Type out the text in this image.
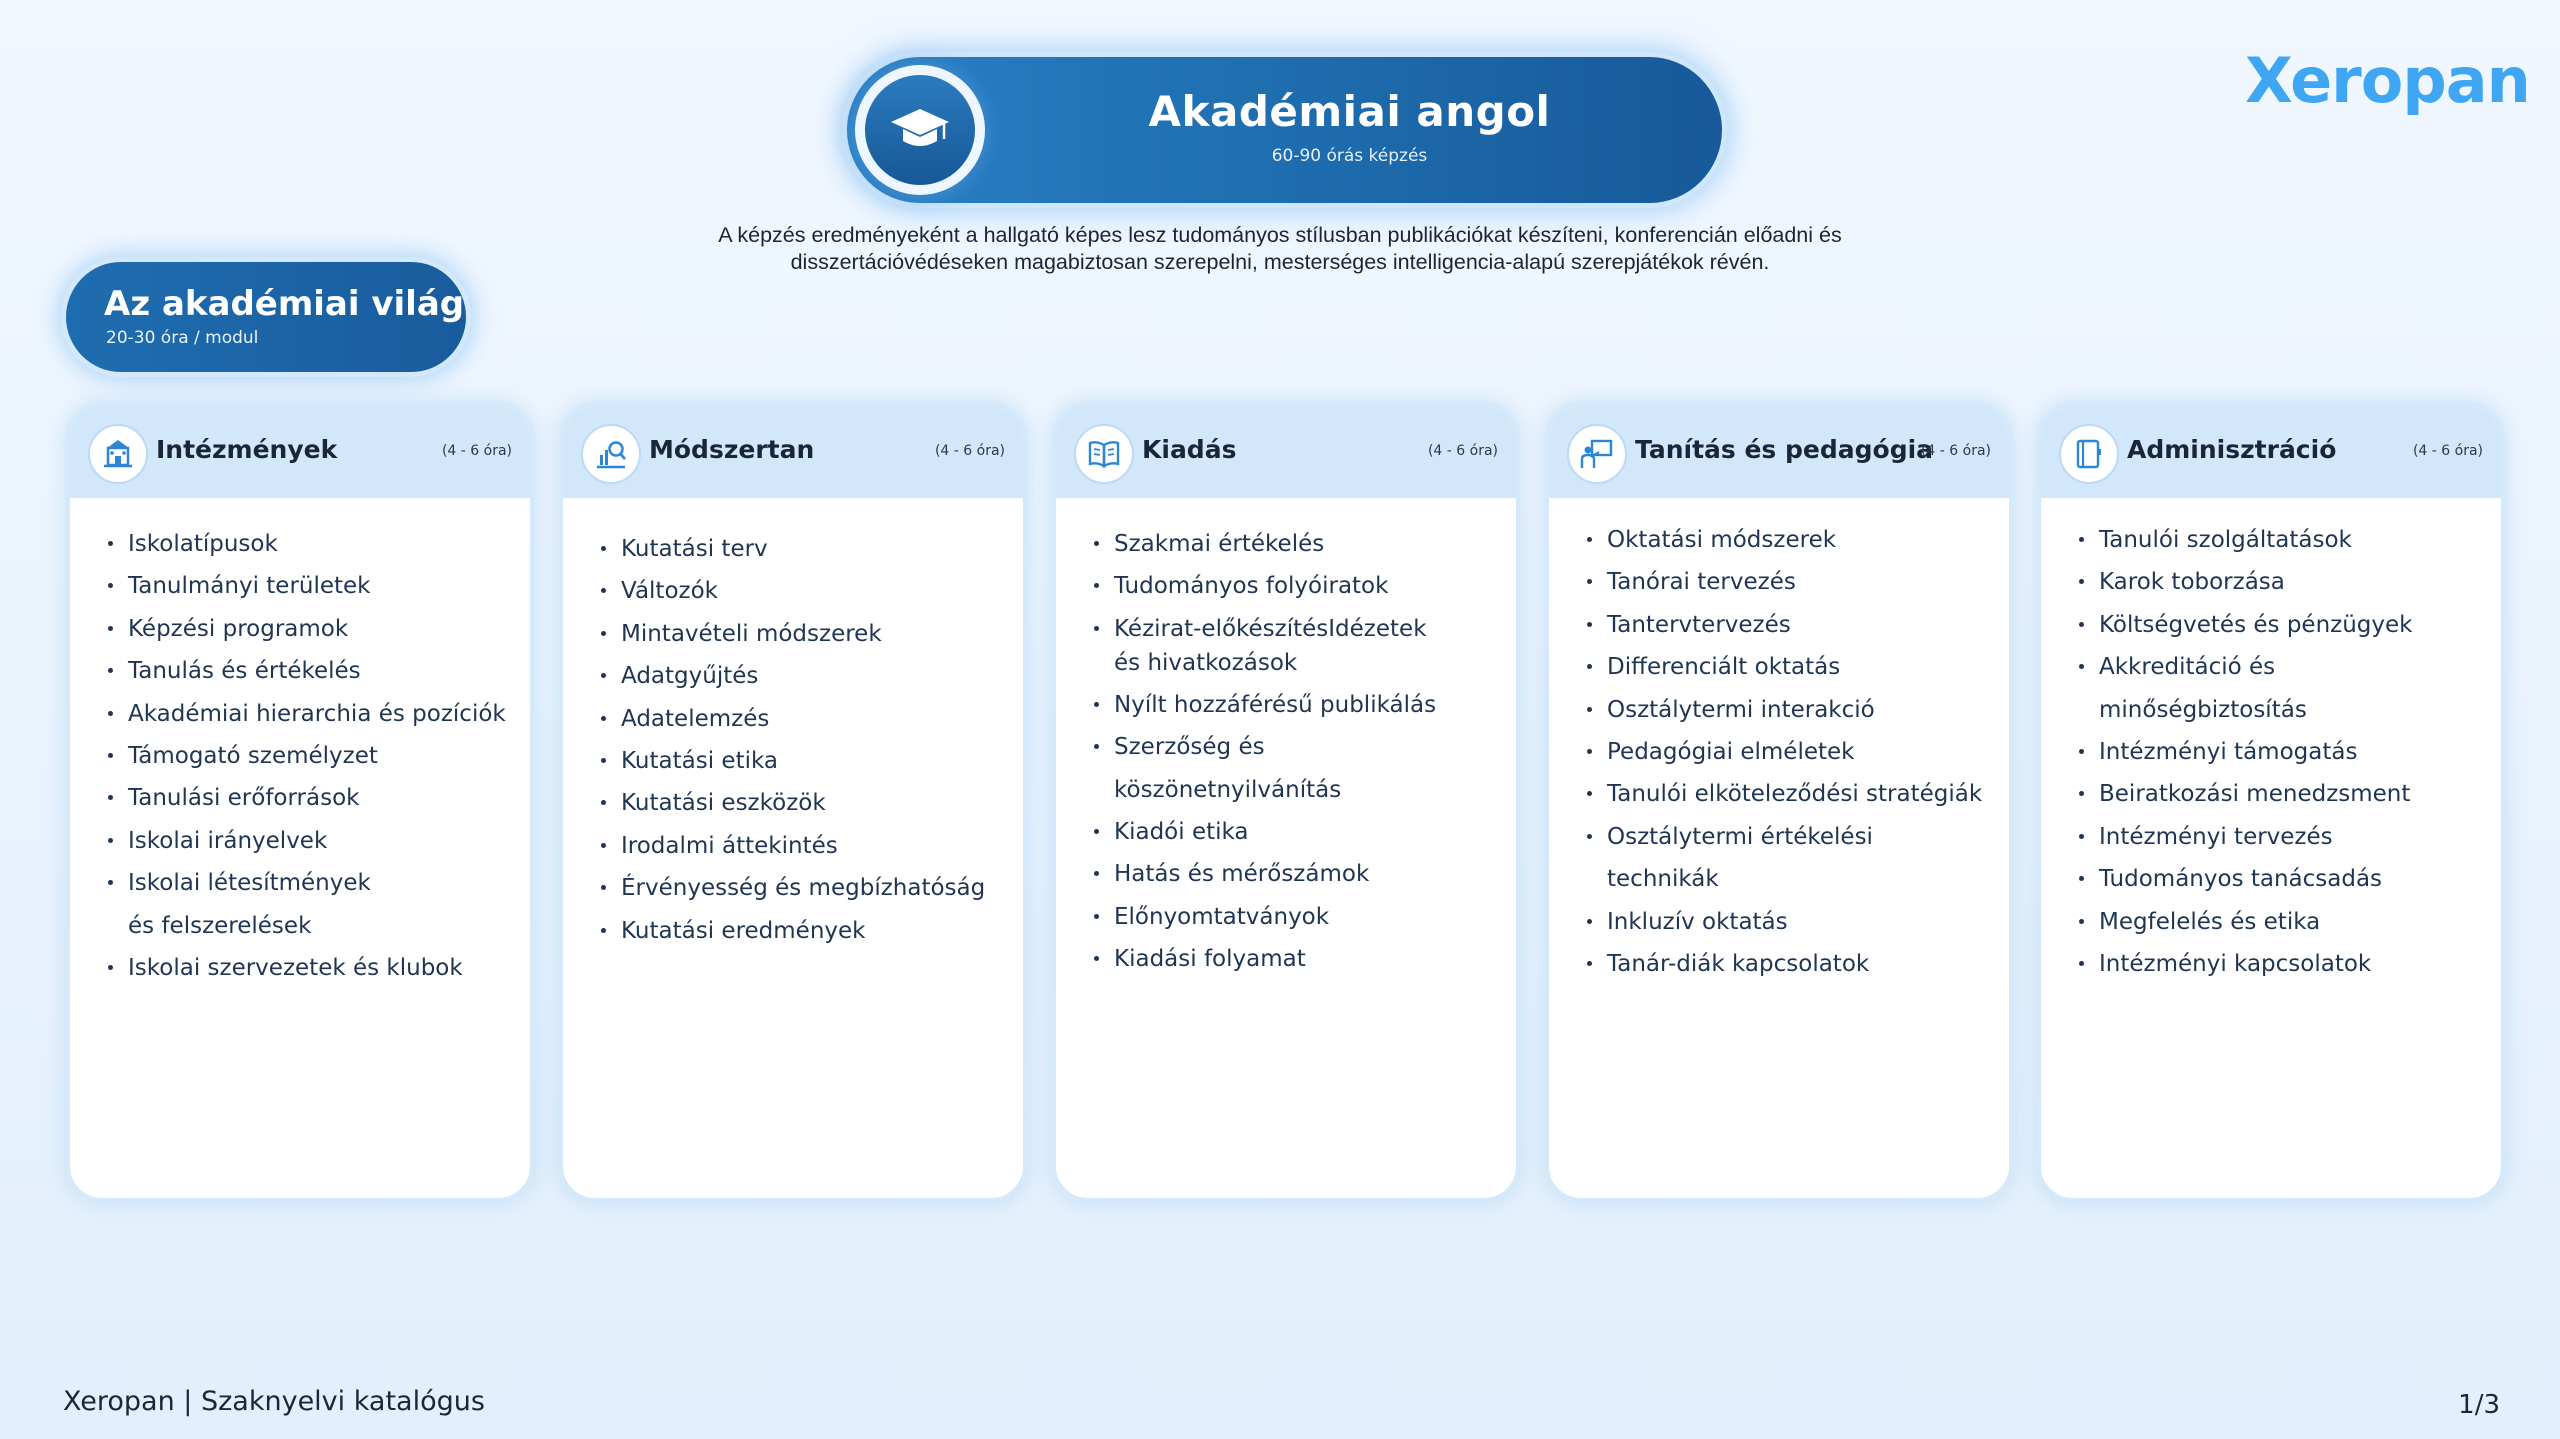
Akadémiai angol
60-90 órás képzés
Xeropan
A képzés eredményeként a hallgató képes lesz tudományos stílusban publikációkat készíteni, konferencián előadni és disszertációvédéseken magabiztosan szerepelni, mesterséges intelligencia-alapú szerepjátékok révén.
Az akadémiai világ
20-30 óra / modul
Intézmények	(4 - 6 óra)
Iskolatípusok
Tanulmányi területek
Képzési programok
Tanulás és értékelés
Akadémiai hierarchia és pozíciók
Támogató személyzet
Tanulási erőforrások
Iskolai irányelvek
Iskolai létesítmények és felszerelések
Iskolai szervezetek és klubok
Módszertan	(4 - 6 óra)
Kutatási terv
Változók
Mintavételi módszerek
Adatgyűjtés
Adatelemzés
Kutatási etika
Kutatási eszközök
Irodalmi áttekintés
Érvényesség és megbízhatóság
Kutatási eredmények
Kiadás	(4 - 6 óra)
Szakmai értékelés
Tudományos folyóiratok
Kézirat-előkészítésIdézetek és hivatkozások
Nyílt hozzáférésű publikálás
Szerzőség és köszönetnyilvánítás
Kiadói etika
Hatás és mérőszámok
Előnyomtatványok
Kiadási folyamat
Tanítás és pedagógia
(4 - 6 óra)
Oktatási módszerek
Tanórai tervezés
Tantervtervezés
Differenciált oktatás
Osztálytermi interakció
Pedagógiai elméletek
Tanulói elköteleződési stratégiák
Osztálytermi értékelési technikák
Inkluzív oktatás
Tanár-diák kapcsolatok
Adminisztráció	(4 - 6 óra)
Tanulói szolgáltatások
Karok toborzása
Költségvetés és pénzügyek
Akkreditáció és minőségbiztosítás
Intézményi támogatás
Beiratkozási menedzsment
Intézményi tervezés
Tudományos tanácsadás
Megfelelés és etika
Intézményi kapcsolatok
Xeropan | Szaknyelvi katalógus	1/3
